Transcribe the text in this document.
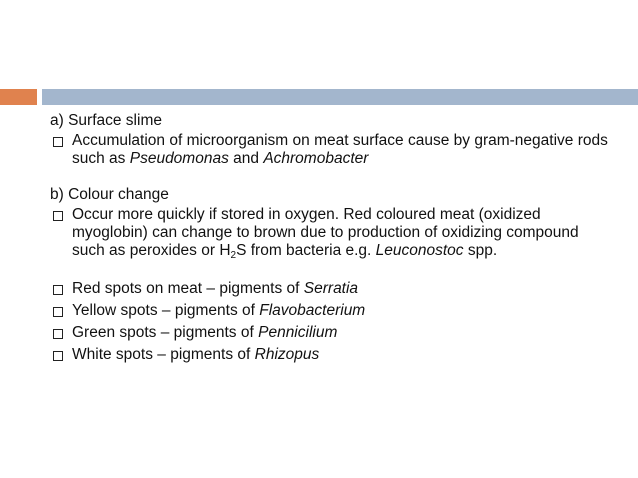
a) Surface slime

Accumulation of microorganism on meat surface cause by gram-negative rods such as Pseudomonas and Achromobacter

b) Colour change

Occur more quickly if stored in oxygen. Red coloured meat (oxidized myoglobin) can change to brown due to production of oxidizing compound such as peroxides or $H_2S$ from bacteria e.g. Leuconostoc spp.

Red spots on meat – pigments of Serratia

Yellow spots – pigments of Flavobacterium

Green spots – pigments of Pennicilium

White spots – pigments of Rhizopus
